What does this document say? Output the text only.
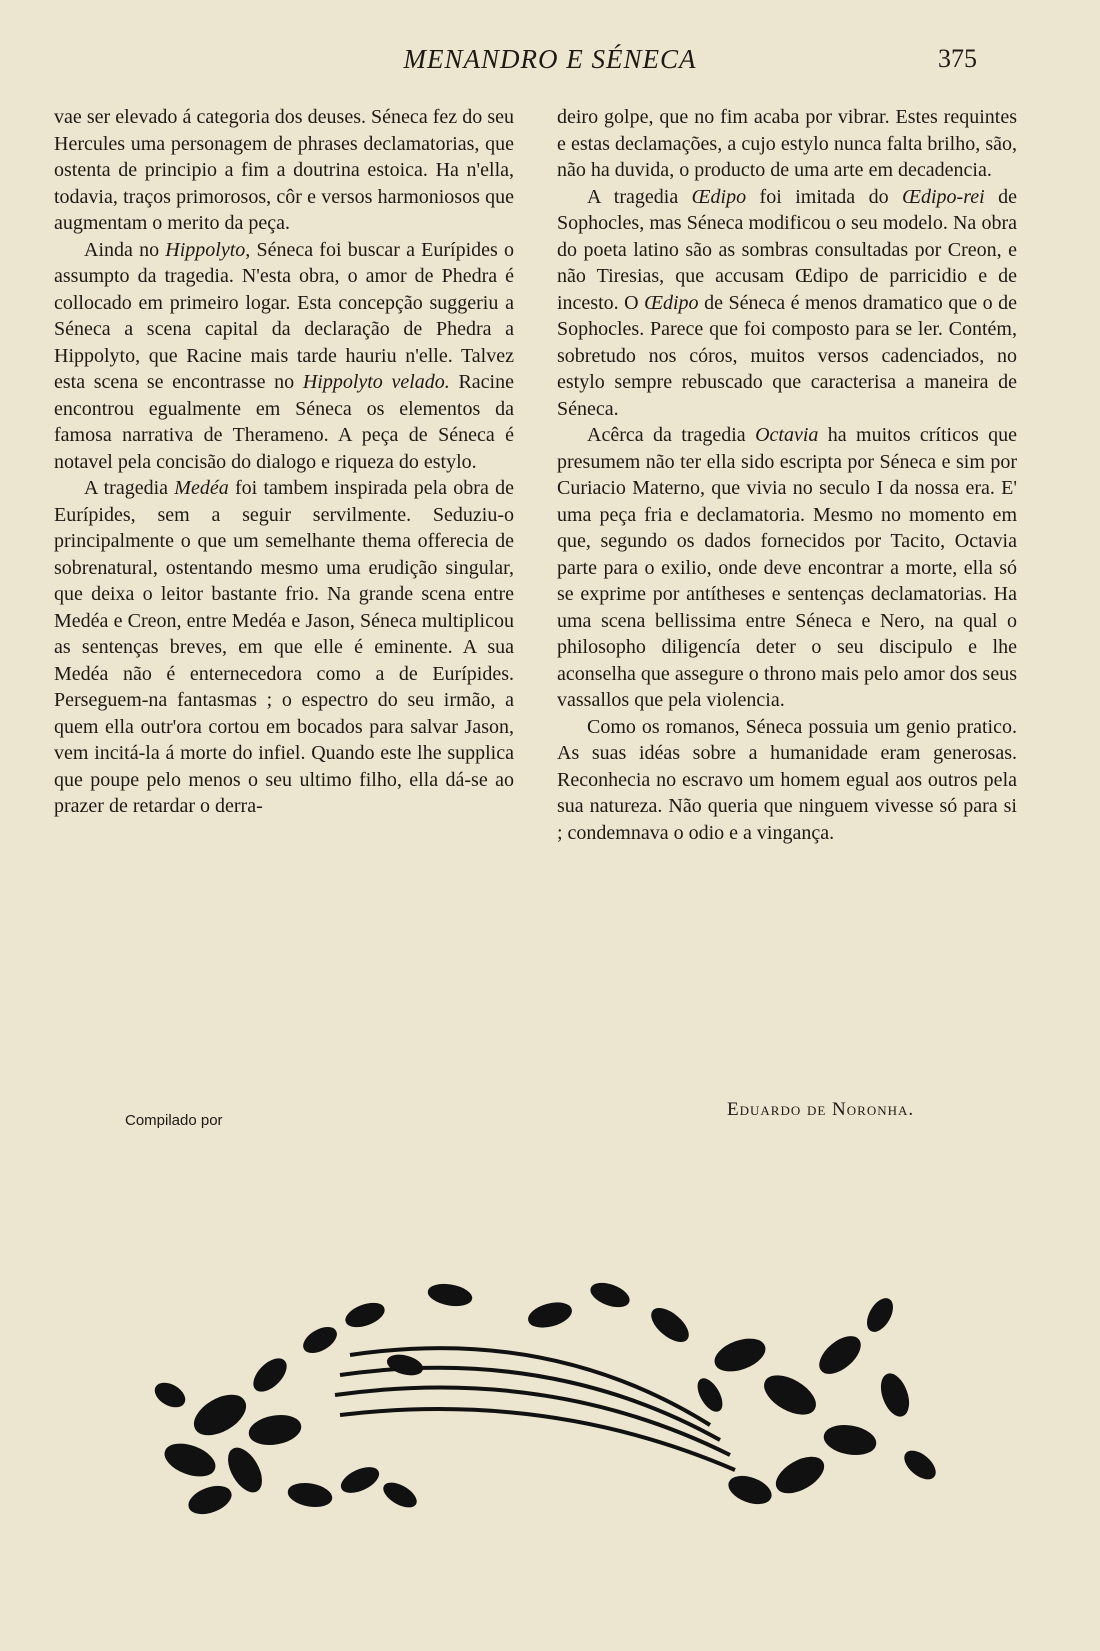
MENANDRO E SÉNECA	375

vae ser elevado á categoria dos deuses. Séneca fez do seu Hercules uma personagem de phrases declamatorias, que ostenta de principio a fim a doutrina estoica. Ha n'ella, todavia, traços primorosos, côr e versos harmoniosos que augmentam o merito da peça.

Ainda no Hippolyto, Séneca foi buscar a Eurípides o assumpto da tragedia. N'esta obra, o amor de Phedra é collocado em primeiro logar. Esta concepção suggeriu a Séneca a scena capital da declaração de Phedra a Hippolyto, que Racine mais tarde hauriu n'elle. Talvez esta scena se encontrasse no Hippolyto velado. Racine encontrou egualmente em Séneca os elementos da famosa narrativa de Therameno. A peça de Séneca é notavel pela concisão do dialogo e riqueza do estylo.

A tragedia Medéa foi tambem inspirada pela obra de Eurípides, sem a seguir servilmente. Seduziu-o principalmente o que um semelhante thema offerecia de sobrenatural, ostentando mesmo uma erudição singular, que deixa o leitor bastante frio. Na grande scena entre Medéa e Creon, entre Medéa e Jason, Séneca multiplicou as sentenças breves, em que elle é eminente. A sua Medéa não é enternecedora como a de Eurípides. Perseguem-na fantasmas ; o espectro do seu irmão, a quem ella outr'ora cortou em bocados para salvar Jason, vem incitá-la á morte do infiel. Quando este lhe supplica que poupe pelo menos o seu ultimo filho, ella dá-se ao prazer de retardar o derra-

deiro golpe, que no fim acaba por vibrar. Estes requintes e estas declamações, a cujo estylo nunca falta brilho, são, não ha duvida, o producto de uma arte em decadencia.

A tragedia Œdipo foi imitada do Œdipo-rei de Sophocles, mas Séneca modificou o seu modelo. Na obra do poeta latino são as sombras consultadas por Creon, e não Tiresias, que accusam Œdipo de parricidio e de incesto. O Œdipo de Séneca é menos dramatico que o de Sophocles. Parece que foi composto para se ler. Contém, sobretudo nos córos, muitos versos cadenciados, no estylo sempre rebuscado que caracterisa a maneira de Séneca.

Acêrca da tragedia Octavia ha muitos críticos que presumem não ter ella sido escripta por Séneca e sim por Curiacio Materno, que vivia no seculo I da nossa era. E' uma peça fria e declamatoria. Mesmo no momento em que, segundo os dados fornecidos por Tacito, Octavia parte para o exilio, onde deve encontrar a morte, ella só se exprime por antítheses e sentenças declamatorias. Ha uma scena bellissima entre Séneca e Nero, na qual o philosopho diligencía deter o seu discipulo e lhe aconselha que assegure o throno mais pelo amor dos seus vassallos que pela violencia.

Como os romanos, Séneca possuia um genio pratico. As suas idéas sobre a humanidade eram generosas. Reconhecia no escravo um homem egual aos outros pela sua natureza. Não queria que ninguem vivesse só para si ; condemnava o odio e a vingança.

Compilado por
Eduardo de Noronha.
